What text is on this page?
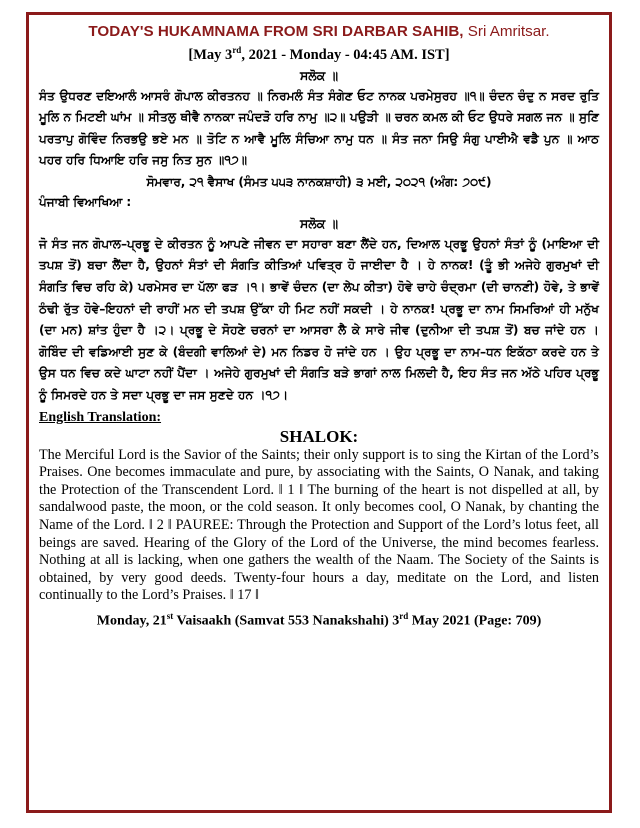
TODAY'S HUKAMNAMA FROM SRI DARBAR SAHIB, Sri Amritsar.
[May 3rd, 2021 - Monday - 04:45 AM. IST]
ਸਲੋਕ ॥
ਸੰਤ ਉਧਰਣ ਦਇਆਲੰ ਆਸਰੰ ਗੋਪਾਲ ਕੀਰਤਨਹ ॥ ਨਿਰਮਲੰ ਸੰਤ ਸੰਗੇਣ ਓਟ ਨਾਨਕ ਪਰਮੇਸੁਰਹ ॥੧॥ ਚੰਦਨ ਚੰਦੁ ਨ ਸਰਦ ਰੁਤਿ ਮੂਲਿ ਨ ਮਿਟਈ ਘਾਂਮ ॥ ਸੀਤਲੁ ਥੀਵੈ ਨਾਨਕਾ ਜਪੰਦੜੋ ਹਰਿ ਨਾਮੁ ॥੨॥ ਪਉੜੀ ॥ ਚਰਨ ਕਮਲ ਕੀ ਓਟ ਉਧਰੇ ਸਗਲ ਜਨ ॥ ਸੁਣਿ ਪਰਤਾਪੁ ਗੋਵਿੰਦ ਨਿਰਭਉ ਭਏ ਮਨ ॥ ਤੋਟਿ ਨ ਆਵੈ ਮੂਲਿ ਸੰਚਿਆ ਨਾਮੁ ਧਨ ॥ ਸੰਤ ਜਨਾ ਸਿਉ ਸੰਗੁ ਪਾਈਐ ਵਡੈ ਪੁਨ ॥ ਆਠ ਪਹਰ ਹਰਿ ਧਿਆਇ ਹਰਿ ਜਸੁ ਨਿਤ ਸੁਨ ॥੧੭॥
ਸੋਮਵਾਰ, ੨੧ ਵੈਸਾਖ (ਸੰਮਤ ੫੫੩ ਨਾਨਕਸ਼ਾਹੀ) ੩ ਮਈ, ੨੦੨੧ (ਅੰਗ: ੭੦੯)
ਪੰਜਾਬੀ ਵਿਆਖਿਆ :
ਸਲੋਕ ॥
ਜੋ ਸੰਤ ਜਨ ਗੋਪਾਲ–ਪ੍ਰਭੂ ਦੇ ਕੀਰਤਨ ਨੂੰ ਆਪਣੇ ਜੀਵਨ ਦਾ ਸਹਾਰਾ ਬਣਾ ਲੈਂਦੇ ਹਨ, ਦਿਆਲ ਪ੍ਰਭੂ ਉਹਨਾਂ ਸੰਤਾਂ ਨੂੰ (ਮਾਇਆ ਦੀ ਤਪਸ਼ ਤੋਂ) ਬਚਾ ਲੈਂਦਾ ਹੈ, ਉਹਨਾਂ ਸੰਤਾਂ ਦੀ ਸੰਗਤਿ ਕੀਤਿਆਂ ਪਵਿਤ੍ਰ ਹੋ ਜਾਈਦਾ ਹੈ । ਹੇ ਨਾਨਕ! (ਤੂੰ ਭੀ ਅਜੇਹੇ ਗੁਰਮੁਖਾਂ ਦੀ ਸੰਗਤਿ ਵਿਚ ਰਹਿ ਕੇ) ਪਰਮੇਸਰ ਦਾ ਪੱਲਾ ਫੜ ।੧। ਭਾਵੇਂ ਚੰਦਨ (ਦਾ ਲੇਪ ਕੀਤਾ) ਹੋਵੇ ਚਾਹੇ ਚੰਦ੍ਰਮਾ (ਦੀ ਚਾਨਣੀ) ਹੋਵੇ, ਤੇ ਭਾਵੇਂ ਠੰਢੀ ਰੁੱਤ ਹੋਵੇ–ਇਹਨਾਂ ਦੀ ਰਾਹੀਂ ਮਨ ਦੀ ਤਪਸ਼ ਉੱਕਾ ਹੀ ਮਿਟ ਨਹੀਂ ਸਕਦੀ । ਹੇ ਨਾਨਕ! ਪ੍ਰਭੂ ਦਾ ਨਾਮ ਸਿਮਰਿਆਂ ਹੀ ਮਨੁੱਖ (ਦਾ ਮਨ) ਸ਼ਾਂਤ ਹੁੰਦਾ ਹੈ ।੨। ਪ੍ਰਭੂ ਦੇ ਸੋਹਣੇ ਚਰਨਾਂ ਦਾ ਆਸਰਾ ਲੈ ਕੇ ਸਾਰੇ ਜੀਵ (ਦੁਨੀਆ ਦੀ ਤਪਸ਼ ਤੋਂ) ਬਚ ਜਾਂਦੇ ਹਨ । ਗੋਬਿੰਦ ਦੀ ਵਡਿਆਈ ਸੁਣ ਕੇ (ਬੰਦਗੀ ਵਾਲਿਆਂ ਦੇ) ਮਨ ਨਿਡਰ ਹੋ ਜਾਂਦੇ ਹਨ । ਉਹ ਪ੍ਰਭੂ ਦਾ ਨਾਮ–ਧਨ ਇਕੱਠਾ ਕਰਦੇ ਹਨ ਤੇ ਉਸ ਧਨ ਵਿਚ ਕਦੇ ਘਾਟਾ ਨਹੀਂ ਪੈਂਦਾ । ਅਜੇਹੇ ਗੁਰਮੁਖਾਂ ਦੀ ਸੰਗਤਿ ਬੜੇ ਭਾਗਾਂ ਨਾਲ ਮਿਲਦੀ ਹੈ, ਇਹ ਸੰਤ ਜਨ ਅੱਠੇ ਪਹਿਰ ਪ੍ਰਭੂ ਨੂੰ ਸਿਮਰਦੇ ਹਨ ਤੇ ਸਦਾ ਪ੍ਰਭੂ ਦਾ ਜਸ ਸੁਣਦੇ ਹਨ ।੧੭।
English Translation:
SHALOK:
The Merciful Lord is the Savior of the Saints; their only support is to sing the Kirtan of the Lord’s Praises. One becomes immaculate and pure, by associating with the Saints, O Nanak, and taking the Protection of the Transcendent Lord. ‖ 1 ‖ The burning of the heart is not dispelled at all, by sandalwood paste, the moon, or the cold season. It only becomes cool, O Nanak, by chanting the Name of the Lord. ‖ 2 ‖ PAUREE: Through the Protection and Support of the Lord’s lotus feet, all beings are saved. Hearing of the Glory of the Lord of the Universe, the mind becomes fearless. Nothing at all is lacking, when one gathers the wealth of the Naam. The Society of the Saints is obtained, by very good deeds. Twenty-four hours a day, meditate on the Lord, and listen continually to the Lord’s Praises. ‖ 17 ‖
Monday, 21st Vaisaakh (Samvat 553 Nanakshahi) 3rd May 2021 (Page: 709)
